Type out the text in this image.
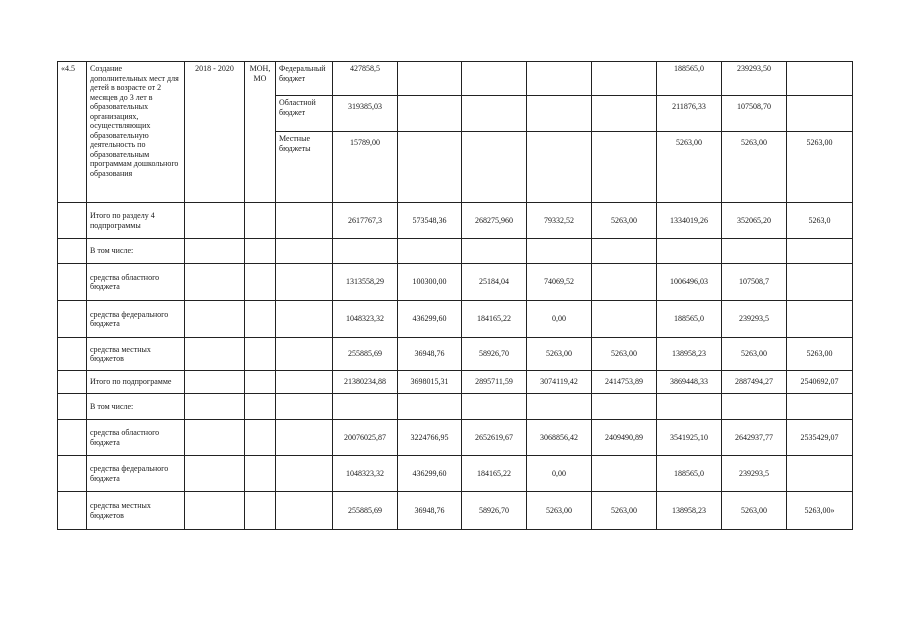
«4.5	Создание дополнительных мест для детей в возрасте от 2 месяцев до 3 лет в образовательных организациях, осуществляющих образовательную деятельность по образовательным программам дошкольного образования	2018 - 2020	МОН, МО	Федеральный бюджет	427858,5					188565,0	239293,50	
				Областной бюджет	319385,03					211876,33	107508,70	
				Местные бюджеты	15789,00					5263,00	5263,00	5263,00
	Итого по разделу 4 подпрограммы				2617767,3	573548,36	268275,960	79332,52	5263,00	1334019,26	352065,20	5263,0
	В том числе:											
	средства областного бюджета				1313558,29	100300,00	25184,04	74069,52		1006496,03	107508,7	
	средства федерального бюджета				1048323,32	436299,60	184165,22	0,00		188565,0	239293,5	
	средства местных бюджетов				255885,69	36948,76	58926,70	5263,00	5263,00	138958,23	5263,00	5263,00
	Итого по подпрограмме				21380234,88	3698015,31	2895711,59	3074119,42	2414753,89	3869448,33	2887494,27	2540692,07
	В том числе:											
	средства областного бюджета				20076025,87	3224766,95	2652619,67	3068856,42	2409490,89	3541925,10	2642937,77	2535429,07
	средства федерального бюджета				1048323,32	436299,60	184165,22	0,00		188565,0	239293,5	
	средства местных бюджетов				255885,69	36948,76	58926,70	5263,00	5263,00	138958,23	5263,00	5263,00»
